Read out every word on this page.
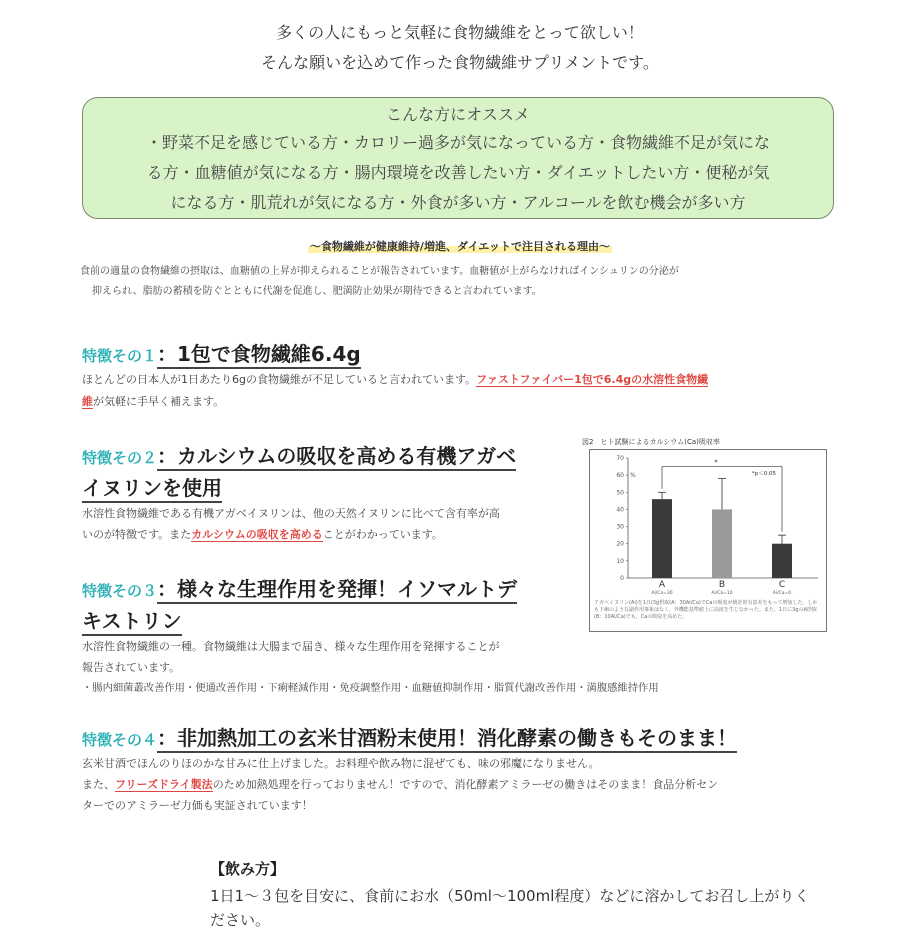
多くの人にもっと気軽に食物繊維をとって欲しい！
そんな願いを込めて作った食物繊維サプリメントです。
こんな方にオススメ
・野菜不足を感じている方・カロリー過多が気になっている方・食物繊維不足が気にな
る方・血糖値が気になる方・腸内環境を改善したい方・ダイエットしたい方・便秘が気
になる方・肌荒れが気になる方・外食が多い方・アルコールを飲む機会が多い方
〜食物繊維が健康維持/増進、ダイエットで注目される理由〜
食前の適量の食物繊維の摂取は、血糖値の上昇が抑えられることが報告されています。血糖値が上がらなければインシュリンの分泌が
抑えられ、脂肪の蓄積を防ぐとともに代謝を促進し、肥満防止効果が期待できると言われています。
特徴その１：1包で食物繊維6.4g
ほとんどの日本人が1日あたり6gの食物繊維が不足していると言われています。ファストファイバー1包で6.4gの水溶性食物繊
維が気軽に手早く補えます。
特徴その２：カルシウムの吸収を高める有機アガベ
イヌリンを使用
水溶性食物繊維である有機アガベイヌリンは、他の天然イヌリンに比べて含有率が高
いのが特徴です。またカルシウムの吸収を高めることがわかっています。
特徴その３：様々な生理作用を発揮！イソマルトデ
キストリン
水溶性食物繊維の一種。食物繊維は大腸まで届き、様々な生理作用を発揮することが
報告されています。
・腸内細菌叢改善作用・便通改善作用・下痢軽減作用・免疫調整作用・血糖値抑制作用・脂質代謝改善作用・満腹感維持作用
図2　ヒト試験によるカルシウム(Ca)吸収率
0
10
20
30
40
50
60
70
%
A
Ai/Ca=30
B
Ai/Ca=10
C
Ai/Ca=0
*
*p＜0.05
アガベイヌリン(Ai)を1日(3g摂取(A：30Ai/Ca)でCaの吸収が統計的有意差をもって増加した。しかも下痢のような副作用事象はなく、外機能基準値上に高度を生じなかった。また、1日に3gのA摂取(B：10Ai/Ca)でも、Caの吸収を高めた。
特徴その４：非加熱加工の玄米甘酒粉末使用！消化酵素の働きもそのまま！
玄米甘酒でほんのりほのかな甘みに仕上げました。お料理や飲み物に混ぜても、味の邪魔になりません。
また、フリーズドライ製法のため加熱処理を行っておりません！ですので、消化酵素アミラーゼの働きはそのまま！食品分析セン
ターでのアミラーゼ力価も実証されています！
【飲み方】
1日1〜３包を目安に、食前にお水（50ml〜100ml程度）などに溶かしてお召し上がりく
ださい。
